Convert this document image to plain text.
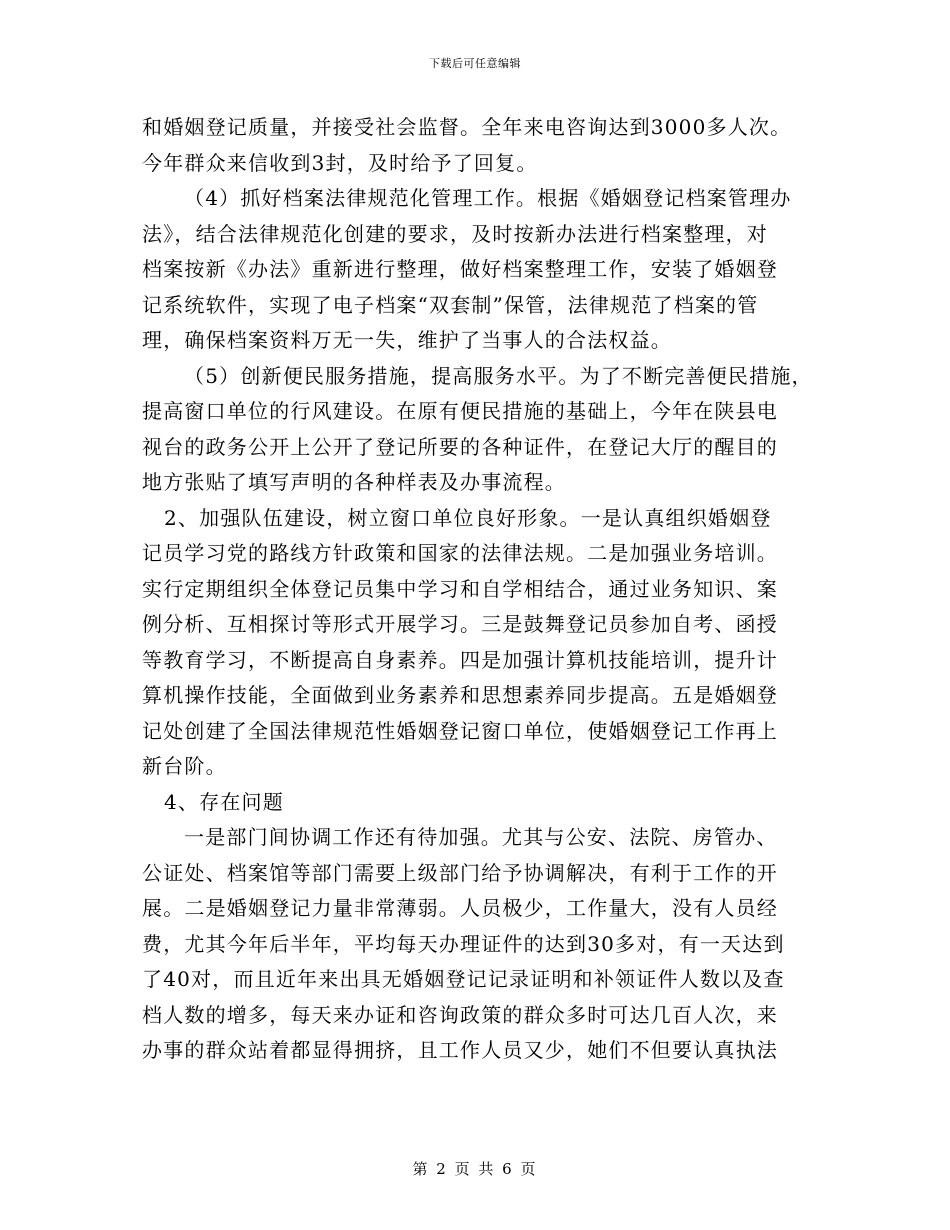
下载后可任意编辑
和婚姻登记质量，并接受社会监督。全年来电咨询达到3000多人次。
今年群众来信收到3封，及时给予了回复。
（4）抓好档案法律规范化管理工作。根据《婚姻登记档案管理办
法》，结合法律规范化创建的要求，及时按新办法进行档案整理，对
档案按新《办法》重新进行整理，做好档案整理工作，安装了婚姻登
记系统软件，实现了电子档案“双套制”保管，法律规范了档案的管
理，确保档案资料万无一失，维护了当事人的合法权益。
（5）创新便民服务措施，提高服务水平。为了不断完善便民措施，
提高窗口单位的行风建设。在原有便民措施的基础上，今年在陕县电
视台的政务公开上公开了登记所要的各种证件，在登记大厅的醒目的
地方张贴了填写声明的各种样表及办事流程。
2、加强队伍建设，树立窗口单位良好形象。一是认真组织婚姻登
记员学习党的路线方针政策和国家的法律法规。二是加强业务培训。
实行定期组织全体登记员集中学习和自学相结合，通过业务知识、案
例分析、互相探讨等形式开展学习。三是鼓舞登记员参加自考、函授
等教育学习，不断提高自身素养。四是加强计算机技能培训，提升计
算机操作技能，全面做到业务素养和思想素养同步提高。五是婚姻登
记处创建了全国法律规范性婚姻登记窗口单位，使婚姻登记工作再上
新台阶。
4、存在问题
一是部门间协调工作还有待加强。尤其与公安、法院、房管办、
公证处、档案馆等部门需要上级部门给予协调解决，有利于工作的开
展。二是婚姻登记力量非常薄弱。人员极少，工作量大，没有人员经
费，尤其今年后半年，平均每天办理证件的达到30多对，有一天达到
了40对，而且近年来出具无婚姻登记记录证明和补领证件人数以及查
档人数的增多，每天来办证和咨询政策的群众多时可达几百人次，来
办事的群众站着都显得拥挤，且工作人员又少，她们不但要认真执法
第 2 页 共 6 页
